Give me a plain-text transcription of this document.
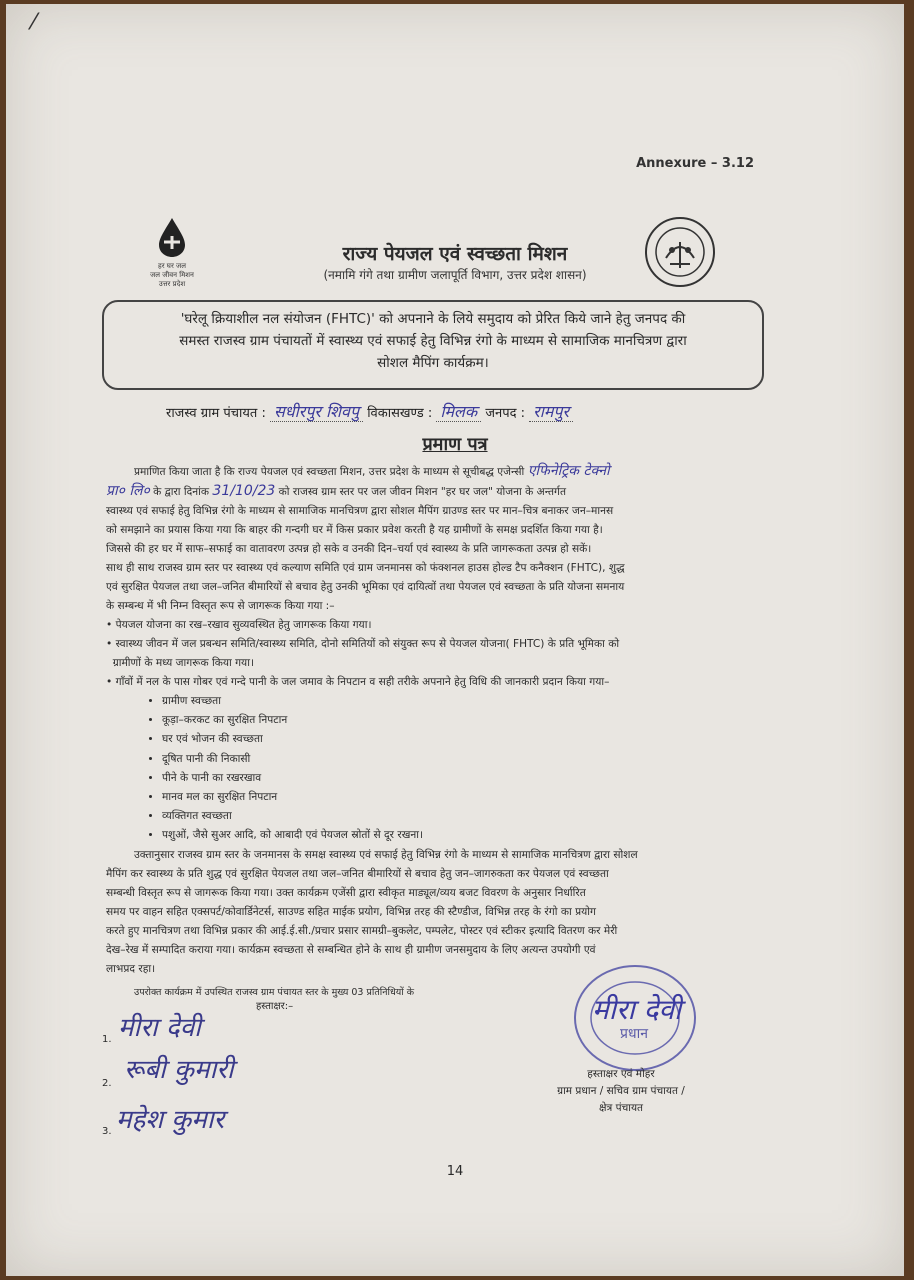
⁄
Annexure – 3.12
हर घर जल
जल जीवन मिशन
उत्तर प्रदेश
राज्य पेयजल एवं स्वच्छता मिशन
(नमामि गंगे तथा ग्रामीण जलापूर्ति विभाग, उत्तर प्रदेश शासन)
'घरेलू क्रियाशील नल संयोजन (FHTC)' को अपनाने के लिये समुदाय को प्रेरित किये जाने हेतु जनपद की
समस्त राजस्व ग्राम पंचायतों में स्वास्थ्य एवं सफाई हेतु विभिन्न रंगो के माध्यम से सामाजिक मानचित्रण द्वारा
सोशल मैपिंग कार्यक्रम।
राजस्व ग्राम पंचायत : सधीरपुर शिवपु विकासखण्ड : मिलक जनपद : रामपुर
प्रमाण पत्र

प्रमाणित किया जाता है कि राज्य पेयजल एवं स्वच्छता मिशन, उत्तर प्रदेश के माध्यम से सूचीबद्ध एजेन्सी एफिनेट्रिक टेक्नो

प्रा० लि० के द्वारा दिनांक 31/10/23 को राजस्व ग्राम स्तर पर जल जीवन मिशन "हर घर जल" योजना के अन्तर्गत

स्वास्थ्य एवं सफाई हेतु विभिन्न रंगो के माध्यम से सामाजिक मानचित्रण द्वारा सोशल मैपिंग ग्राउण्ड स्तर पर मान–चित्र बनाकर जन–मानस

को समझाने का प्रयास किया गया कि बाहर की गन्दगी घर में किस प्रकार प्रवेश करती है यह ग्रामीणों के समक्ष प्रदर्शित किया गया है।

जिससे की हर घर में साफ–सफाई का वातावरण उत्पन्न हो सके व उनकी दिन–चर्या एवं स्वास्थ्य के प्रति जागरूकता उत्पन्न हो सकें।

साथ ही साथ राजस्व ग्राम स्तर पर स्वास्थ्य एवं कल्याण समिति एवं ग्राम जनमानस को फंक्शनल हाउस होल्ड टैप कनैक्शन (FHTC), शुद्ध

एवं सुरक्षित पेयजल तथा जल–जनित बीमारियों से बचाव हेतु उनकी भूमिका एवं दायित्वों तथा पेयजल एवं स्वच्छता के प्रति योजना समनाय

के सम्बन्ध में भी निम्न विस्तृत रूप से जागरूक किया गया :–

• पेयजल योजना का रख–रखाव सुव्यवस्थित हेतु जागरूक किया गया।

• स्वास्थ्य जीवन में जल प्रबन्धन समिति/स्वास्थ्य समिति, दोनो समितियों को संयुक्त रूप से पेयजल योजना( FHTC) के प्रति भूमिका को

ग्रामीणों के मध्य जागरूक किया गया।

• गाँवों में नल के पास गोबर एवं गन्दे पानी के जल जमाव के निपटान व सही तरीके अपनाने हेतु विधि की जानकारी प्रदान किया गया–

• ग्रामीण स्वच्छता
• कूड़ा–करकट का सुरक्षित निपटान
• घर एवं भोजन की स्वच्छता
• दूषित पानी की निकासी
• पीने के पानी का रखरखाव
• मानव मल का सुरक्षित निपटान
• व्यक्तिगत स्वच्छता
• पशुओं, जैसे सुअर आदि, को आबादी एवं पेयजल स्रोतों से दूर रखना।

उक्तानुसार राजस्व ग्राम स्तर के जनमानस के समक्ष स्वास्थ्य एवं सफाई हेतु विभिन्न रंगो के माध्यम से सामाजिक मानचित्रण द्वारा सोशल

मैपिंग कर स्वास्थ्य के प्रति शुद्ध एवं सुरक्षित पेयजल तथा जल–जनित बीमारियों से बचाव हेतु जन–जागरुकता कर पेयजल एवं स्वच्छता

सम्बन्धी विस्तृत रूप से जागरूक किया गया। उक्त कार्यक्रम एजेंसी द्वारा स्वीकृत माड्यूल/व्यय बजट विवरण के अनुसार निर्धारित

समय पर वाहन सहित एक्सपर्ट/कोवार्डिनेटर्स, साउण्ड सहित माईक प्रयोग, विभिन्न तरह की स्टैण्डीज, विभिन्न तरह के रंगो का प्रयोग

करते हुए मानचित्रण तथा विभिन्न प्रकार की आई.ई.सी./प्रचार प्रसार सामग्री–बुकलेट, पम्पलेट, पोस्टर एवं स्टीकर इत्यादि वितरण कर मेरी

देख–रेख में सम्पादित कराया गया। कार्यक्रम स्वच्छता से सम्बन्धित होने के साथ ही ग्रामीण जनसमुदाय के लिए अत्यन्त उपयोगी एवं

लाभप्रद रहा।

उपरोक्त कार्यक्रम में उपस्थित राजस्व ग्राम पंचायत स्तर के मुख्य 03 प्रतिनिधियों के

हस्ताक्षर:–
1. मीरा देवी
2. रूबी कुमारी
3. महेश कुमार
मीरा देवी
प्रधान
हस्ताक्षर एवं मोहर
ग्राम प्रधान / सचिव ग्राम पंचायत /
क्षेत्र पंचायत
14
